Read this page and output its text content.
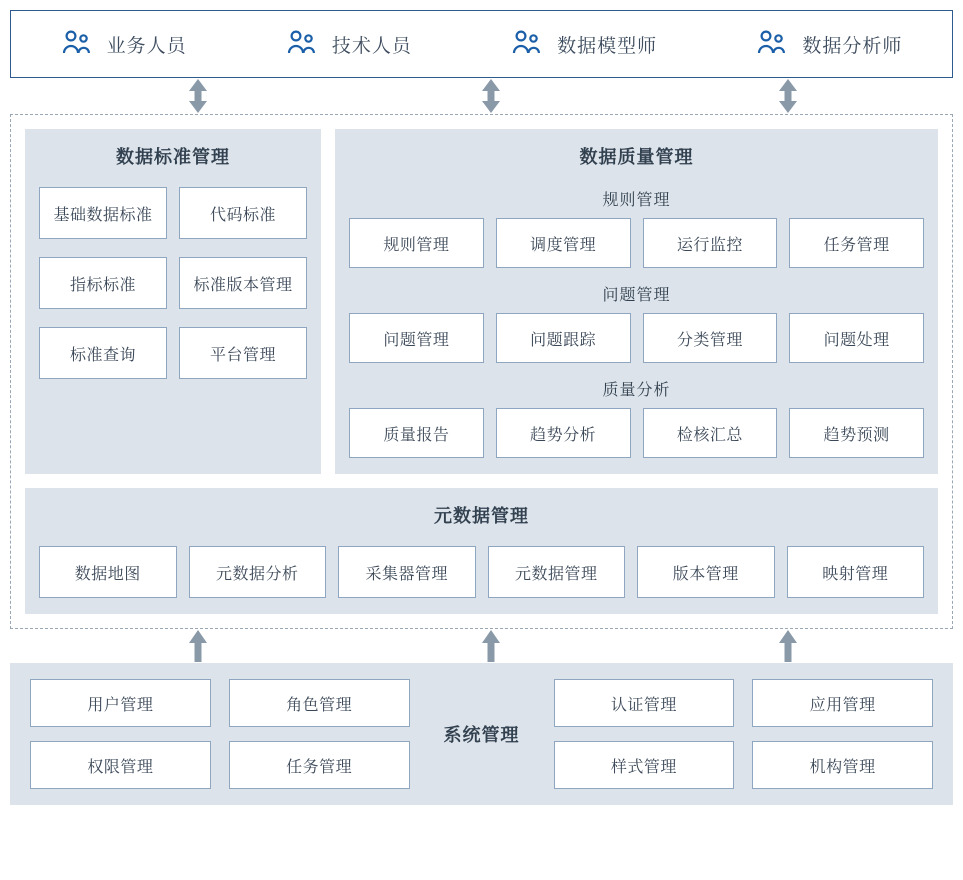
业务人员	技术人员	数据模型师	数据分析师
数据标准管理
基础数据标准	代码标准
指标标准	标准版本管理
标准查询	平台管理
数据质量管理
规则管理
规则管理	调度管理	运行监控	任务管理
问题管理
问题管理	问题跟踪	分类管理	问题处理
质量分析
质量报告	趋势分析	检核汇总	趋势预测
元数据管理
数据地图	元数据分析	采集器管理	元数据管理	版本管理	映射管理
用户管理	角色管理
权限管理	任务管理
系统管理
认证管理	应用管理
样式管理	机构管理
